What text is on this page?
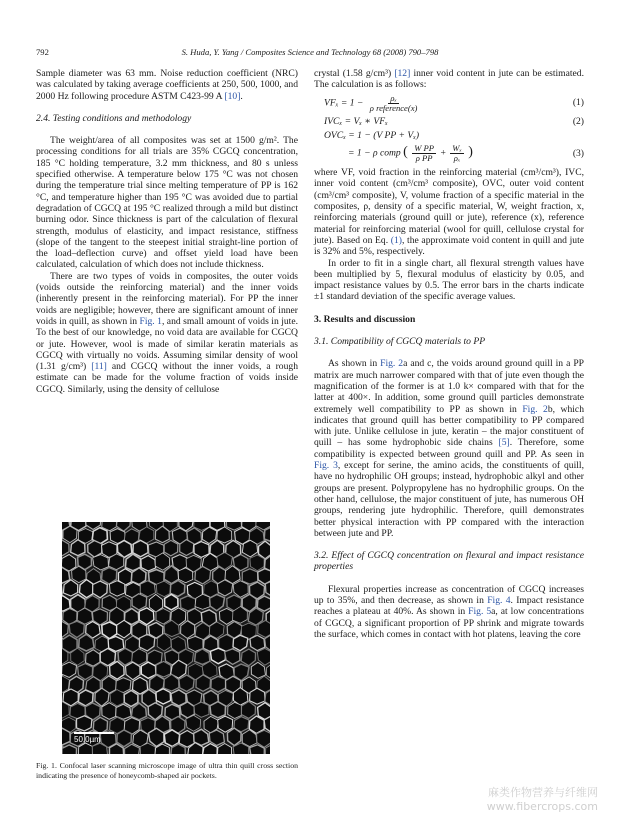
792	S. Huda, Y. Yang / Composites Science and Technology 68 (2008) 790–798

Sample diameter was 63 mm. Noise reduction coefficient (NRC) was calculated by taking average coefficients at 250, 500, 1000, and 2000 Hz following procedure ASTM C423-99 A [10].

2.4. Testing conditions and methodology

The weight/area of all composites was set at 1500 g/m². The processing conditions for all trials are 35% CGCQ concentration, 185 °C holding temperature, 3.2 mm thickness, and 80 s unless specified otherwise. A temperature below 175 °C was not chosen during the temperature trial since melting temperature of PP is 162 °C, and temperature higher than 195 °C was avoided due to partial degradation of CGCQ at 195 °C realized through a mild but distinct burning odor. Since thickness is part of the calculation of flexural strength, modulus of elasticity, and impact resistance, stiffness (slope of the tangent to the steepest initial straight-line portion of the load–deflection curve) and offset yield load have been calculated, calculation of which does not include thickness.

There are two types of voids in composites, the outer voids (voids outside the reinforcing material) and the inner voids (inherently present in the reinforcing material). For PP the inner voids are negligible; however, there are significant amount of inner voids in quill, as shown in Fig. 1, and small amount of voids in jute. To the best of our knowledge, no void data are available for CGCQ or jute. However, wool is made of similar keratin materials as CGCQ with virtually no voids. Assuming similar density of wool (1.31 g/cm³) [11] and CGCQ without the inner voids, a rough estimate can be made for the volume fraction of voids inside CGCQ. Similarly, using the density of cellulose

50.0µm
Fig. 1. Confocal laser scanning microscope image of ultra thin quill cross section indicating the presence of honeycomb-shaped air pockets.

crystal (1.58 g/cm³) [12] inner void content in jute can be estimated. The calculation is as follows:

$VF_x = 1 - \frac{\text{ρₓ}}{\text{ρ reference(x)}}$	(1)
IVCₓ = Vₓ ∗ VFₓ	(2)
OVCₓ = 1 − (V PP + Vₓ)
= 1 − ρ comp ( $\frac{\text{W PP}}{\text{ρ PP}} + \frac{\text{Wₓ}}{\text{ρₓ}}$ )	(3)

where VF, void fraction in the reinforcing material (cm³/cm³), IVC, inner void content (cm³/cm³ composite), OVC, outer void content (cm³/cm³ composite), V, volume fraction of a specific material in the composites, ρ, density of a specific material, W, weight fraction, x, reinforcing materials (ground quill or jute), reference (x), reference material for reinforcing material (wool for quill, cellulose crystal for jute). Based on Eq. (1), the approximate void content in quill and jute is 32% and 5%, respectively.

In order to fit in a single chart, all flexural strength values have been multiplied by 5, flexural modulus of elasticity by 0.05, and impact resistance values by 0.5. The error bars in the charts indicate ±1 standard deviation of the specific average values.

3. Results and discussion

3.1. Compatibility of CGCQ materials to PP

As shown in Fig. 2a and c, the voids around ground quill in a PP matrix are much narrower compared with that of jute even though the magnification of the former is at 1.0 k× compared with that for the latter at 400×. In addition, some ground quill particles demonstrate extremely well compatibility to PP as shown in Fig. 2b, which indicates that ground quill has better compatibility to PP compared with jute. Unlike cellulose in jute, keratin – the major constituent of quill – has some hydrophobic side chains [5]. Therefore, some compatibility is expected between ground quill and PP. As seen in Fig. 3, except for serine, the amino acids, the constituents of quill, have no hydrophilic OH groups; instead, hydrophobic alkyl and other groups are present. Polypropylene has no hydrophilic groups. On the other hand, cellulose, the major constituent of jute, has numerous OH groups, rendering jute hydrophilic. Therefore, quill demonstrates better physical interaction with PP compared with the interaction between jute and PP.

3.2. Effect of CGCQ concentration on flexural and impact resistance properties

Flexural properties increase as concentration of CGCQ increases up to 35%, and then decrease, as shown in Fig. 4. Impact resistance reaches a plateau at 40%. As shown in Fig. 5a, at low concentrations of CGCQ, a significant proportion of PP shrink and migrate towards the surface, which comes in contact with hot platens, leaving the core

麻类作物营养与纤维网
www.fibercrops.com
